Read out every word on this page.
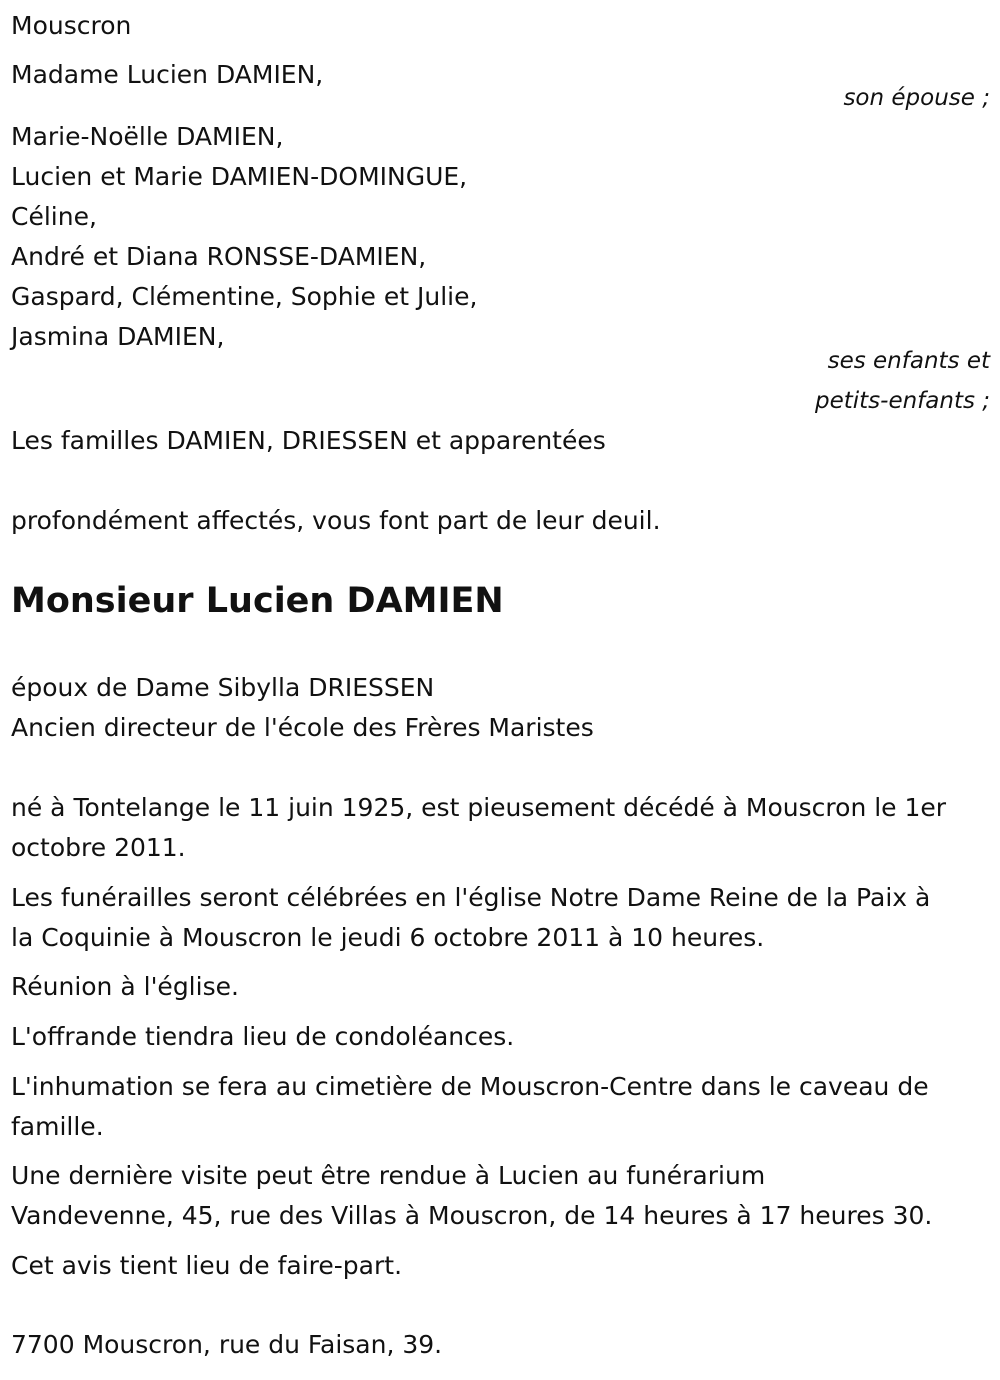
Mouscron
Madame Lucien DAMIEN,
son épouse ;
Marie-Noëlle DAMIEN,
Lucien et Marie DAMIEN-DOMINGUE,
Céline,
André et Diana RONSSE-DAMIEN,
Gaspard, Clémentine, Sophie et Julie,
Jasmina DAMIEN,
ses enfants et
petits-enfants ;
Les familles DAMIEN, DRIESSEN et apparentées
profondément affectés, vous font part de leur deuil.
Monsieur Lucien DAMIEN
époux de Dame Sibylla DRIESSEN
Ancien directeur de l'école des Frères Maristes
né à Tontelange le 11 juin 1925, est pieusement décédé à Mouscron le 1er
octobre 2011.
Les funérailles seront célébrées en l'église Notre Dame Reine de la Paix à
la Coquinie à Mouscron le jeudi 6 octobre 2011 à 10 heures.
Réunion à l'église.
L'offrande tiendra lieu de condoléances.
L'inhumation se fera au cimetière de Mouscron-Centre dans le caveau de
famille.
Une dernière visite peut être rendue à Lucien au funérarium
Vandevenne, 45, rue des Villas à Mouscron, de 14 heures à 17 heures 30.
Cet avis tient lieu de faire-part.
7700 Mouscron, rue du Faisan, 39.
